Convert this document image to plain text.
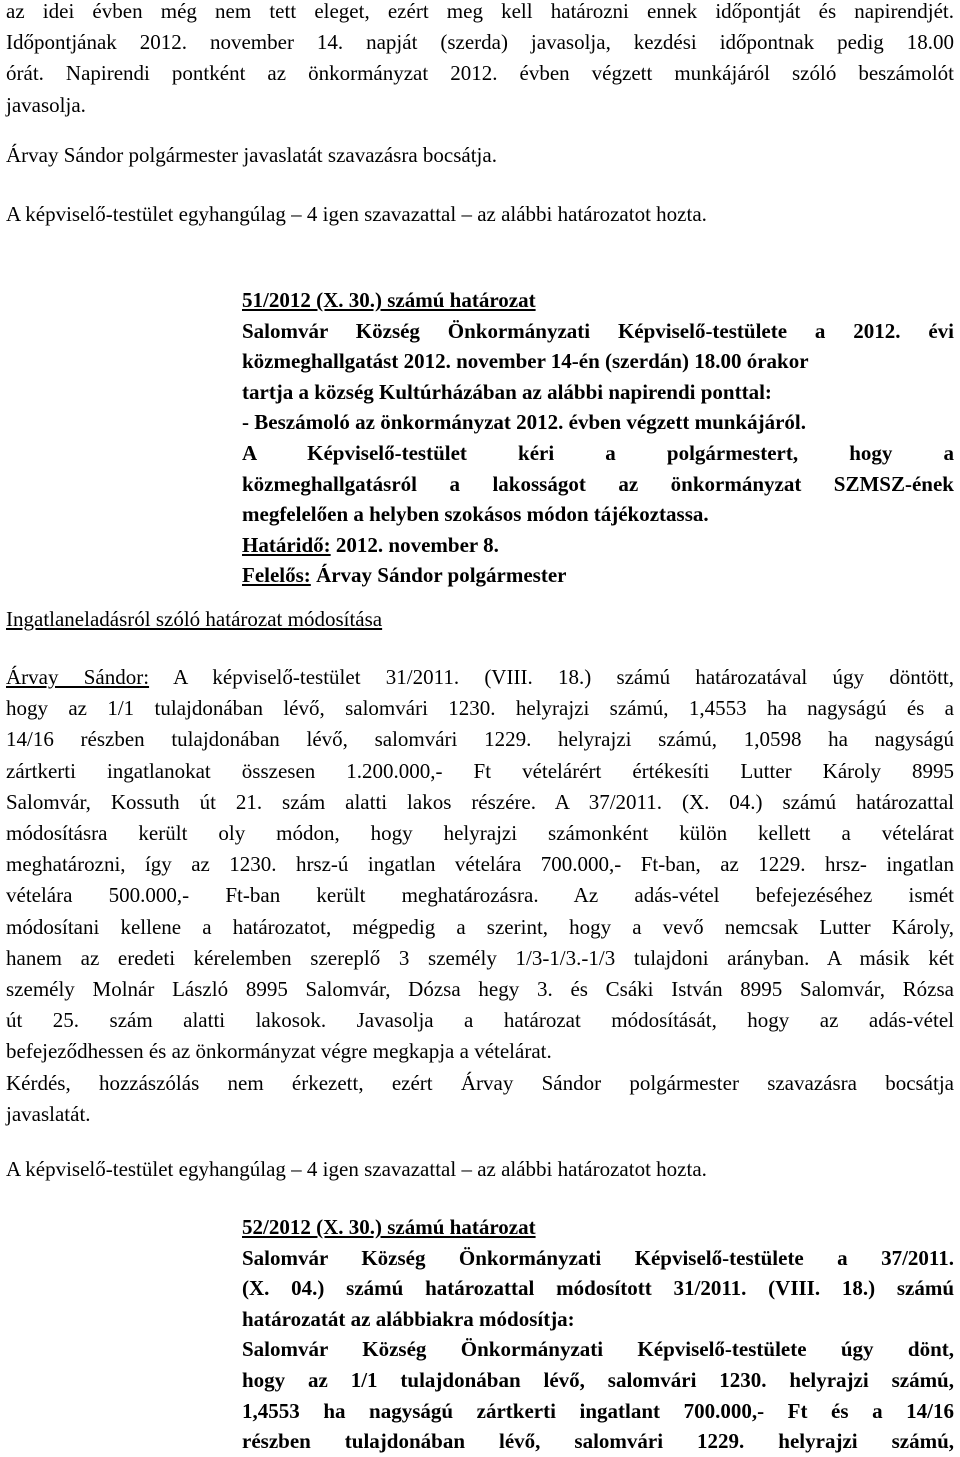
az idei évben még nem tett eleget, ezért meg kell határozni ennek időpontját és napirendjét.
Időpontjának 2012. november 14. napját (szerda) javasolja, kezdési időpontnak pedig 18.00
órát. Napirendi pontként az önkormányzat 2012. évben végzett munkájáról szóló beszámolót
javasolja.

Árvay Sándor polgármester javaslatát szavazásra bocsátja.

A képviselő-testület egyhangúlag – 4 igen szavazattal – az alábbi határozatot hozta.

51/2012 (X. 30.) számú határozat
Salomvár Község Önkormányzati Képviselő-testülete a 2012. évi
közmeghallgatást 2012. november 14-én (szerdán) 18.00 órakor
tartja a község Kultúrházában az alábbi napirendi ponttal:
- Beszámoló az önkormányzat 2012. évben végzett munkájáról.
A Képviselő-testület kéri a polgármestert, hogy a
közmeghallgatásról a lakosságot az önkormányzat SZMSZ-ének
megfelelően a helyben szokásos módon tájékoztassa.
Határidő: 2012. november 8.
Felelős: Árvay Sándor polgármester

Ingatlaneladásról szóló határozat módosítása

Árvay Sándor: A képviselő-testület 31/2011. (VIII. 18.) számú határozatával úgy döntött,
hogy az 1/1 tulajdonában lévő, salomvári 1230. helyrajzi számú, 1,4553 ha nagyságú és a
14/16 részben tulajdonában lévő, salomvári 1229. helyrajzi számú, 1,0598 ha nagyságú
zártkerti ingatlanokat összesen 1.200.000,- Ft vételárért értékesíti Lutter Károly 8995
Salomvár, Kossuth út 21. szám alatti lakos részére. A 37/2011. (X. 04.) számú határozattal
módosításra került oly módon, hogy helyrajzi számonként külön kellett a vételárat
meghatározni, így az 1230. hrsz-ú ingatlan vételára 700.000,- Ft-ban, az 1229. hrsz- ingatlan
vételára 500.000,- Ft-ban került meghatározásra. Az adás-vétel befejezéséhez ismét
módosítani kellene a határozatot, mégpedig a szerint, hogy a vevő nemcsak Lutter Károly,
hanem az eredeti kérelemben szereplő 3 személy 1/3-1/3.-1/3 tulajdoni arányban. A másik két
személy Molnár László 8995 Salomvár, Dózsa hegy 3. és Csáki István 8995 Salomvár, Rózsa
út 25. szám alatti lakosok. Javasolja a határozat módosítását, hogy az adás-vétel
befejeződhessen és az önkormányzat végre megkapja a vételárat.
Kérdés, hozzászólás nem érkezett, ezért Árvay Sándor polgármester szavazásra bocsátja
javaslatát.

A képviselő-testület egyhangúlag – 4 igen szavazattal – az alábbi határozatot hozta.

52/2012 (X. 30.) számú határozat
Salomvár Község Önkormányzati Képviselő-testülete a 37/2011.
(X. 04.) számú határozattal módosított 31/2011. (VIII. 18.) számú
határozatát az alábbiakra módosítja:
Salomvár Község Önkormányzati Képviselő-testülete úgy dönt,
hogy az 1/1 tulajdonában lévő, salomvári 1230. helyrajzi számú,
1,4553 ha nagyságú zártkerti ingatlant 700.000,- Ft és a 14/16
részben tulajdonában lévő, salomvári 1229. helyrajzi számú,
